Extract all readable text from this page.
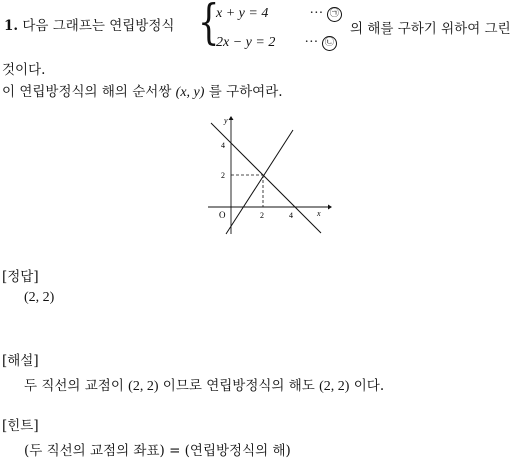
1. 다음 그래프는 연립방정식 {
x + y = 4	··· ㉠
2x − y = 2 ··· ㉡
의 해를 구하기 위하여 그린
것이다.
이 연립방정식의 해의 순서쌍 (x, y) 를 구하여라.
y
x
O	2	4
2
4
[정답]
(2, 2)
[해설]
두 직선의 교점이 (2, 2) 이므로 연립방정식의 해도 (2, 2) 이다.
[힌트]
(두 직선의 교점의 좌표) = (연립방정식의 해)
